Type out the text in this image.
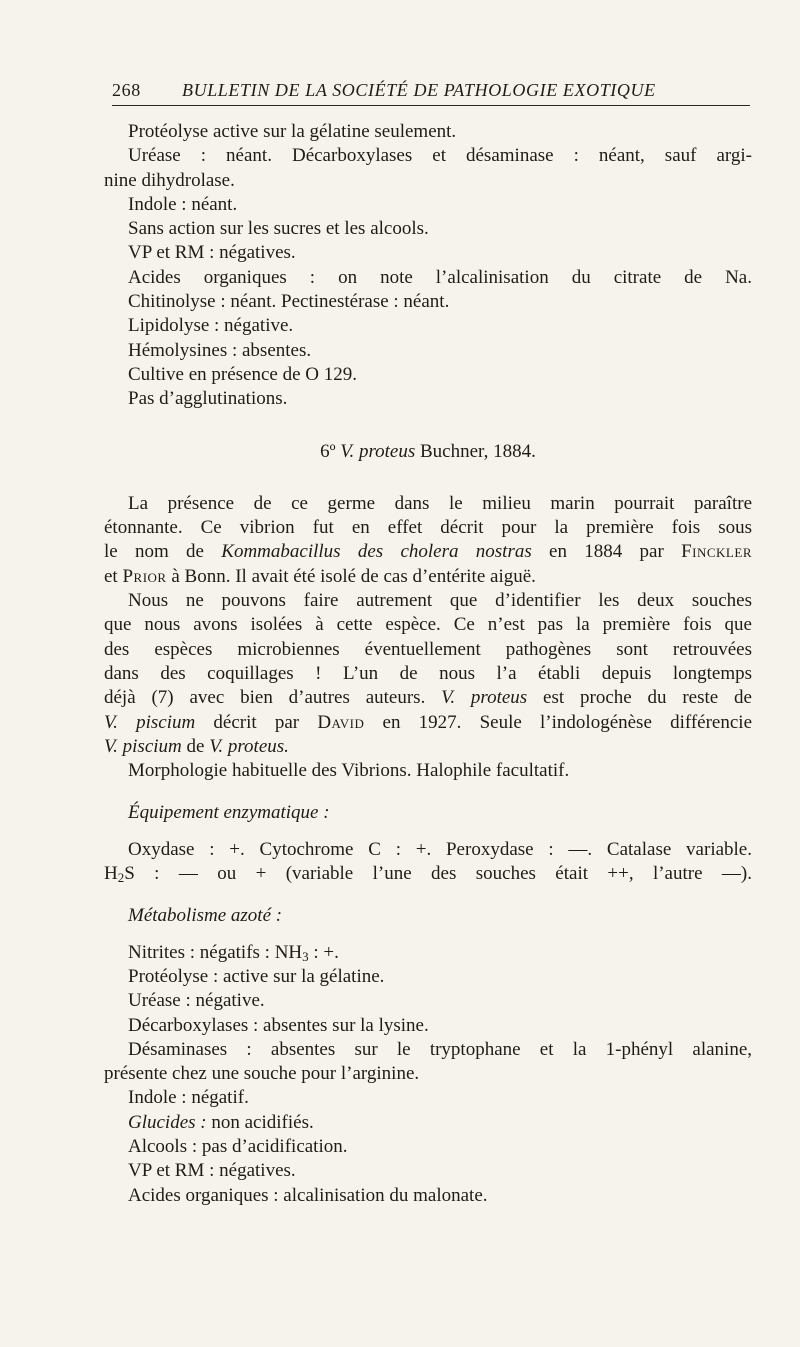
268	BULLETIN DE LA SOCIÉTÉ DE PATHOLOGIE EXOTIQUE
Protéolyse active sur la gélatine seulement.
Uréase : néant. Décarboxylases et désaminase : néant, sauf argi-
nine dihydrolase.
Indole : néant.
Sans action sur les sucres et les alcools.
VP et RM : négatives.
Acides organiques : on note l’alcalinisation du citrate de Na.
Chitinolyse : néant. Pectinestérase : néant.
Lipidolyse : négative.
Hémolysines : absentes.
Cultive en présence de O 129.
Pas d’agglutinations.
6º V. proteus Buchner, 1884.
La présence de ce germe dans le milieu marin pourrait paraître
étonnante. Ce vibrion fut en effet décrit pour la première fois sous
le nom de Kommabacillus des cholera nostras en 1884 par Finckler
et Prior à Bonn. Il avait été isolé de cas d’entérite aiguë.
Nous ne pouvons faire autrement que d’identifier les deux souches
que nous avons isolées à cette espèce. Ce n’est pas la première fois que
des espèces microbiennes éventuellement pathogènes sont retrouvées
dans des coquillages ! L’un de nous l’a établi depuis longtemps
déjà (7) avec bien d’autres auteurs. V. proteus est proche du reste de
V. piscium décrit par David en 1927. Seule l’indologénèse différencie
V. piscium de V. proteus.
Morphologie habituelle des Vibrions. Halophile facultatif.
Équipement enzymatique :
Oxydase : +. Cytochrome C : +. Peroxydase : —. Catalase variable.
$H_2S$ : — ou + (variable l’une des souches était ++, l’autre —).
Métabolisme azoté :
Nitrites : négatifs : $NH_3$ : +.
Protéolyse : active sur la gélatine.
Uréase : négative.
Décarboxylases : absentes sur la lysine.
Désaminases : absentes sur le tryptophane et la 1-phényl alanine,
présente chez une souche pour l’arginine.
Indole : négatif.
Glucides : non acidifiés.
Alcools : pas d’acidification.
VP et RM : négatives.
Acides organiques : alcalinisation du malonate.
